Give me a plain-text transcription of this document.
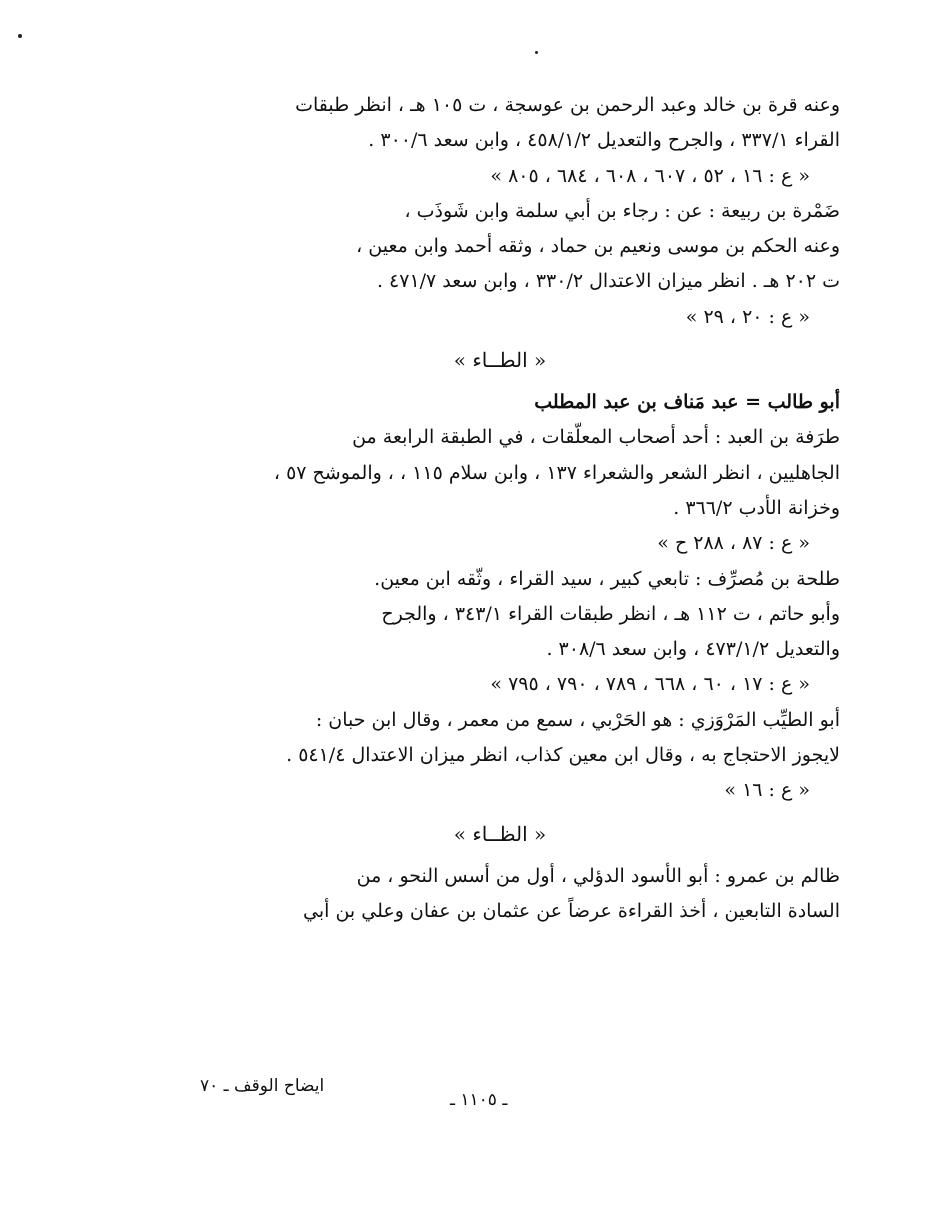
وعنه قرة بن خالد وعبد الرحمن بن عوسجة ، ت ١٠٥ هـ ، انظر طبقات
القراء ٣٣٧/١ ، والجرح والتعديل ٤٥٨/١/٢ ، وابن سعد ٣٠٠/٦ .
« ع : ١٦ ، ٥٢ ، ٦٠٧ ، ٦٠٨ ، ٦٨٤ ، ٨٠٥ »
ضَمْرة بن ربيعة : عن : رجاء بن أبي سلمة وابن شَوذَب ،
وعنه الحكم بن موسى ونعيم بن حماد ، وثقه أحمد وابن معين ،
ت ٢٠٢ هـ . انظر ميزان الاعتدال ٣٣٠/٢ ، وابن سعد ٤٧١/٧ .
« ع : ٢٠ ، ٢٩ »
« الطــاء »
أبو طالب = عبد مَناف بن عبد المطلب
طرَفة بن العبد : أحد أصحاب المعلّقات ، في الطبقة الرابعة من
الجاهليين ، انظر الشعر والشعراء ١٣٧ ، وابن سلام ١١٥ ، ، والموشح ٥٧ ،
وخزانة الأدب ٣٦٦/٢ .
« ع : ٨٧ ، ٢٨٨ ح »
طلحة بن مُصرِّف : تابعي كبير ، سيد القراء ، وثّقه ابن معين.
وأبو حاتم ، ت ١١٢ هـ ، انظر طبقات القراء ٣٤٣/١ ، والجرح
والتعديل ٤٧٣/١/٢ ، وابن سعد ٣٠٨/٦ .
« ع : ١٧ ، ٦٠ ، ٦٦٨ ، ٧٨٩ ، ٧٩٠ ، ٧٩٥ »
أبو الطيِّب المَرْوَزي : هو الحَرْبي ، سمع من معمر ، وقال ابن حبان :
لايجوز الاحتجاج به ، وقال ابن معين كذاب، انظر ميزان الاعتدال ٥٤١/٤ .
« ع : ١٦ »
« الظــاء »
ظالم بن عمرو : أبو الأسود الدؤلي ، أول من أسس النحو ، من
السادة التابعين ، أخذ القراءة عرضاً عن عثمان بن عفان وعلي بن أبي
ـ ١١٠٥ ـ
ايضاح الوقف ـ ٧٠
